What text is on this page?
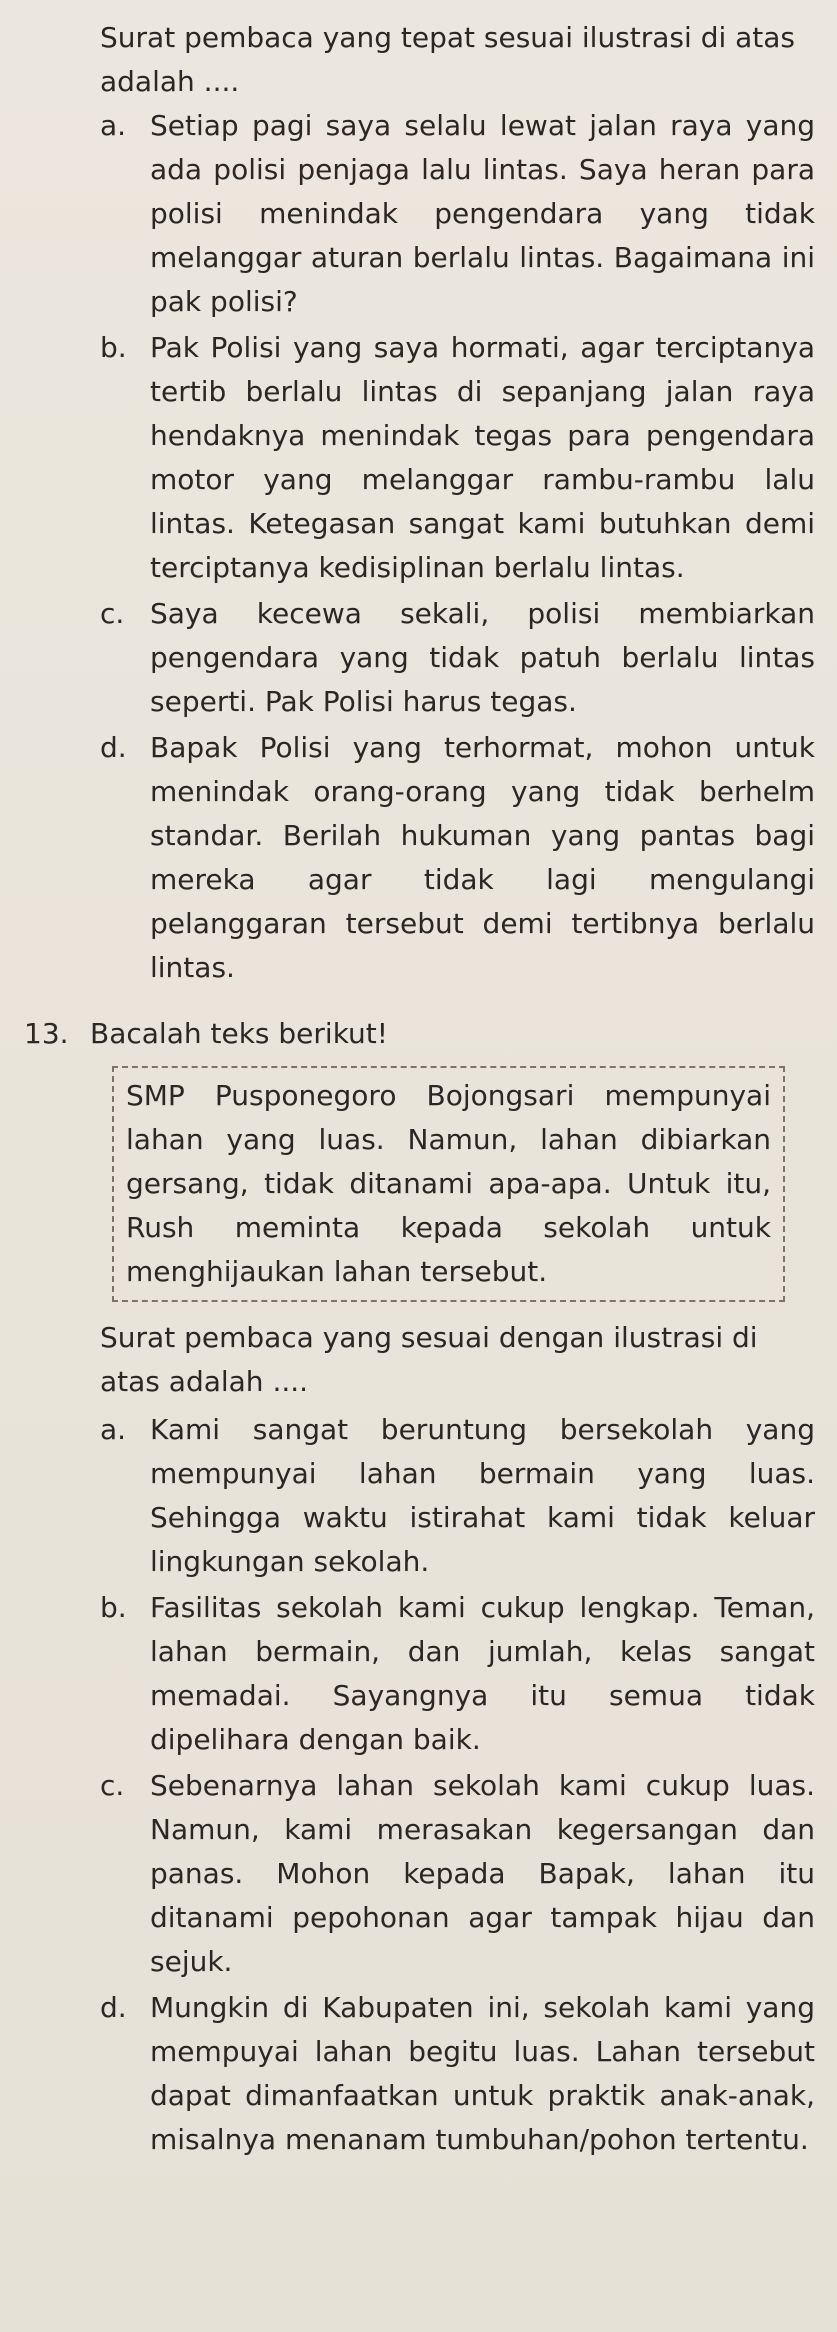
Surat pembaca yang tepat sesuai ilustrasi di atas adalah ....
a. Setiap pagi saya selalu lewat jalan raya yang ada polisi penjaga lalu lintas. Saya heran para polisi menindak pengendara yang tidak melanggar aturan berlalu lintas. Bagaimana ini pak polisi?
b. Pak Polisi yang saya hormati, agar terciptanya tertib berlalu lintas di sepanjang jalan raya hendaknya menindak tegas para pengendara motor yang melanggar rambu-rambu lalu lintas. Ketegasan sangat kami butuhkan demi terciptanya kedisiplinan berlalu lintas.
c. Saya kecewa sekali, polisi membiarkan pengendara yang tidak patuh berlalu lintas seperti. Pak Polisi harus tegas.
d. Bapak Polisi yang terhormat, mohon untuk menindak orang-orang yang tidak berhelm standar. Berilah hukuman yang pantas bagi mereka agar tidak lagi mengulangi pelanggaran tersebut demi tertibnya berlalu lintas.
13. Bacalah teks berikut!
SMP Pusponegoro Bojongsari mempunyai lahan yang luas. Namun, lahan dibiarkan gersang, tidak ditanami apa-apa. Untuk itu, Rush meminta kepada sekolah untuk menghijaukan lahan tersebut.
Surat pembaca yang sesuai dengan ilustrasi di atas adalah ....
a. Kami sangat beruntung bersekolah yang mempunyai lahan bermain yang luas. Sehingga waktu istirahat kami tidak keluar lingkungan sekolah.
b. Fasilitas sekolah kami cukup lengkap. Teman, lahan bermain, dan jumlah, kelas sangat memadai. Sayangnya itu semua tidak dipelihara dengan baik.
c. Sebenarnya lahan sekolah kami cukup luas. Namun, kami merasakan kegersangan dan panas. Mohon kepada Bapak, lahan itu ditanami pepohonan agar tampak hijau dan sejuk.
d. Mungkin di Kabupaten ini, sekolah kami yang mempuyai lahan begitu luas. Lahan tersebut dapat dimanfaatkan untuk praktik anak-anak, misalnya menanam tumbuhan/pohon tertentu.
